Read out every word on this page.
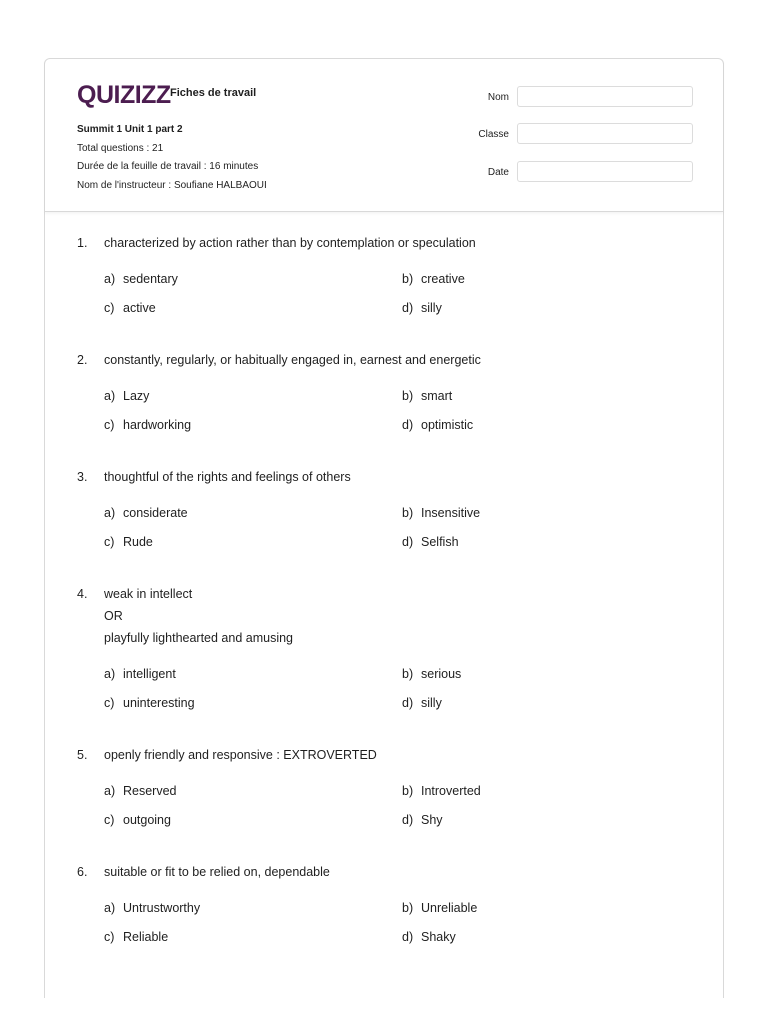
QUIZIZZ Fiches de travail
Summit 1 Unit 1 part 2
Total questions : 21
Durée de la feuille de travail : 16 minutes
Nom de l'instructeur : Soufiane HALBAOUI
Nom
Classe
Date
1. characterized by action rather than by contemplation or speculation
a) sedentary	b) creative
c) active	d) silly
2. constantly, regularly, or habitually engaged in, earnest and energetic
a) Lazy	b) smart
c) hardworking	d) optimistic
3. thoughtful of the rights and feelings of others
a) considerate	b) Insensitive
c) Rude	d) Selfish
4. weak in intellect
OR
playfully lighthearted and amusing
a) intelligent	b) serious
c) uninteresting	d) silly
5. openly friendly and responsive : EXTROVERTED
a) Reserved	b) Introverted
c) outgoing	d) Shy
6. suitable or fit to be relied on, dependable
a) Untrustworthy	b) Unreliable
c) Reliable	d) Shaky
